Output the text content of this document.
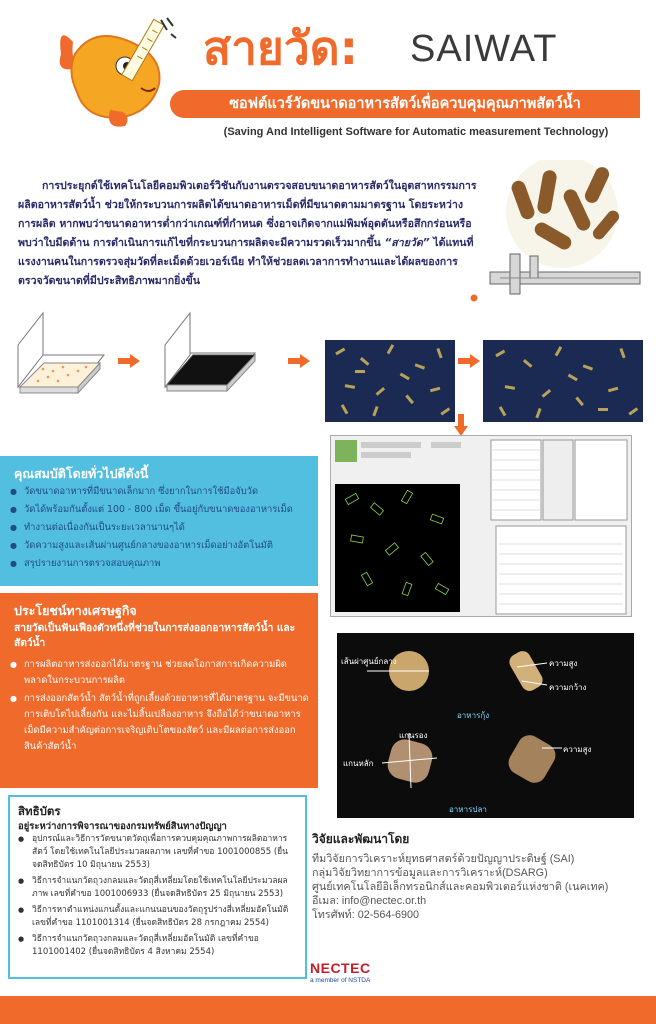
สายวัด: SAIWAT
ซอฟต์แวร์วัดขนาดอาหารสัตว์เพื่อควบคุมคุณภาพสัตว์น้ำ
(Saving And Intelligent Software for Automatic measurement Technology)
การประยุกต์ใช้เทคโนโลยีคอมพิวเตอร์วิชันกับงานตรวจสอบขนาดอาหารสัตว์ในอุตสาหกรรมการผลิตอาหารสัตว์น้ำ ช่วยให้กระบวนการผลิตได้ขนาดอาหารเม็ดที่มีขนาดตามมาตรฐาน โดยระหว่างการผลิต หากพบว่าขนาดอาหารต่ำกว่าเกณฑ์ที่กำหนด ซึ่งอาจเกิดจากแม่พิมพ์อุดตันหรือสึกกร่อนหรือพบว่าใบมีดด้าน การดำเนินการแก้ไขที่กระบวนการผลิตจะมีความรวดเร็วมากขึ้น “สายวัด” ได้แทนที่แรงงานคนในการตรวจสุ่มวัดที่ละเม็ดด้วยเวอร์เนีย ทำให้ช่วยลดเวลาการทำงานและได้ผลของการตรวจวัดขนาดที่มีประสิทธิภาพมากยิ่งขึ้น
คุณสมบัติโดยทั่วไปดีดังนี้
● วัดขนาดอาหารที่มีขนาดเล็กมาก ซึ่งยากในการใช้มือจับวัด
● วัดได้พร้อมกันตั้งแต่ 100 - 800 เม็ด ขึ้นอยู่กับขนาดของอาหารเม็ด
● ทำงานต่อเนื่องกันเป็นระยะเวลานานๆได้
● วัดความสูงและเส้นผ่านศูนย์กลางของอาหารเม็ดอย่างอัตโนมัติ
● สรุปรายงานการตรวจสอบคุณภาพ
ประโยชน์ทางเศรษฐกิจ
สายวัดเป็นฟันเฟืองตัวหนึ่งที่ช่วยในการส่งออกอาหารสัตว์น้ำ และสัตว์น้ำ
● การผลิตอาหารส่งออกได้มาตรฐาน ช่วยลดโอกาสการเกิดความผิดพลาดในกระบวนการผลิต
● การส่งออกสัตว์น้ำ สัตว์น้ำที่ถูกเลี้ยงด้วยอาหารที่ได้มาตรฐาน จะมีขนาดการเติบโตไปเลี้ยงกัน และไม่สิ้นเปลืองอาหาร จึงถือได้ว่าขนาดอาหารเม็ดมีความสำคัญต่อการเจริญเติบโตของสัตว์ และมีผลต่อการส่งออกสินค้าสัตว์น้ำ
สิทธิบัตร
อยู่ระหว่างการพิจารณาของกรมทรัพย์สินทางปัญญา
● อุปกรณ์และวิธีการวัดขนาดวัตถุเพื่อการควบคุมคุณภาพการผลิตอาหารสัตว์ โดยใช้เทคโนโลยีประมวลผลภาพ เลขที่คำขอ 1001000855 (ยื่นจดสิทธิบัตร 10 มิถุนายน 2553)
● วิธีการจำแนกวัตถุวงกลมและวัตถุสี่เหลี่ยมโดยใช้เทคโนโลยีประมวลผลภาพ เลขที่คำขอ 1001006933 (ยื่นจดสิทธิบัตร 25 มิถุนายน 2553)
● วิธีการหาตำแหน่งแกนตั้งและแกนนอนของวัตถุรูปร่างสี่เหลี่ยมอัตโนมัติ เลขที่คำขอ 1101001314 (ยื่นจดสิทธิบัตร 28 กรกฎาคม 2554)
● วิธีการจำแนกวัตถุวงกลมและวัตถุสี่เหลี่ยมอัตโนมัติ เลขที่คำขอ 1101001402 (ยื่นจดสิทธิบัตร 4 สิงหาคม 2554)
เส้นผ่าศูนย์กลาง	ความสูง
ความกว้าง
อาหารกุ้ง
แกนรอง
แกนหลัก
ความสูง
อาหารปลา
วิจัยและพัฒนาโดย
ทีมวิจัยการวิเคราะห์ยุทธศาสตร์ด้วยปัญญาประดิษฐ์ (SAI)
กลุ่มวิจัยวิทยาการข้อมูลและการวิเคราะห์(DSARG)
ศูนย์เทคโนโลยีอิเล็กทรอนิกส์และคอมพิวเตอร์แห่งชาติ (เนคเทค)
อีเมล: info@nectec.or.th
โทรศัพท์: 02-564-6900
NECTEC
a member of NSTDA
